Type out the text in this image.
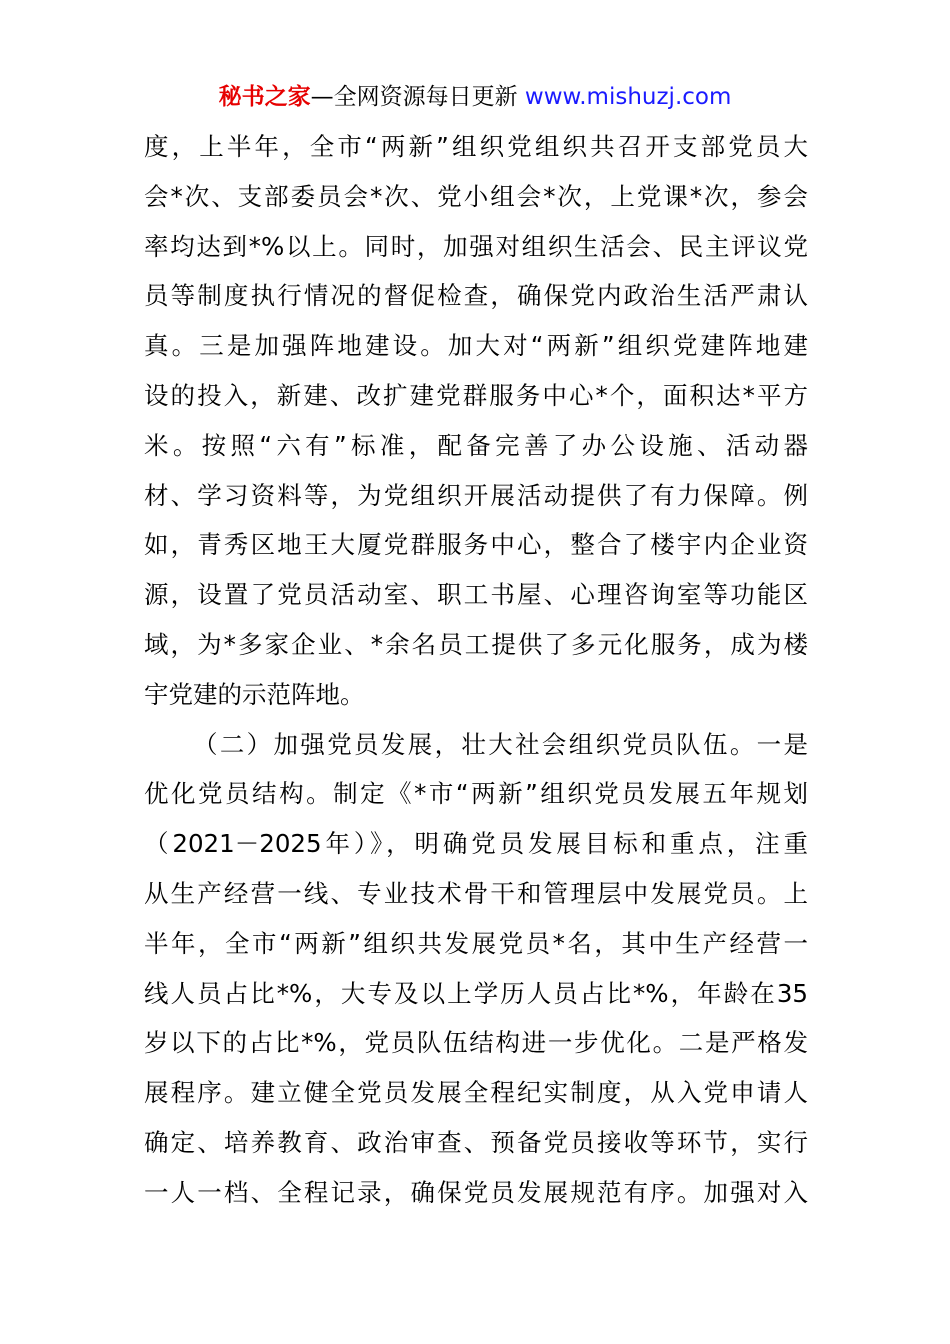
秘书之家—全网资源每日更新 www.mishuzj.com
度，上半年，全市“两新”组织党组织共召开支部党员大
会*次、支部委员会*次、党小组会*次，上党课*次，参会
率均达到*%以上。同时，加强对组织生活会、民主评议党
员等制度执行情况的督促检查，确保党内政治生活严肃认
真。三是加强阵地建设。加大对“两新”组织党建阵地建
设的投入，新建、改扩建党群服务中心*个，面积达*平方
米。按照“六有”标准，配备完善了办公设施、活动器
材、学习资料等，为党组织开展活动提供了有力保障。例
如，青秀区地王大厦党群服务中心，整合了楼宇内企业资
源，设置了党员活动室、职工书屋、心理咨询室等功能区
域，为*多家企业、*余名员工提供了多元化服务，成为楼
宇党建的示范阵地。
（二）加强党员发展，壮大社会组织党员队伍。一是
优化党员结构。制定《*市“两新”组织党员发展五年规划
（2021－2025年）》，明确党员发展目标和重点，注重
从生产经营一线、专业技术骨干和管理层中发展党员。上
半年，全市“两新”组织共发展党员*名，其中生产经营一
线人员占比*%，大专及以上学历人员占比*%，年龄在35
岁以下的占比*%，党员队伍结构进一步优化。二是严格发
展程序。建立健全党员发展全程纪实制度，从入党申请人
确定、培养教育、政治审查、预备党员接收等环节，实行
一人一档、全程记录，确保党员发展规范有序。加强对入
